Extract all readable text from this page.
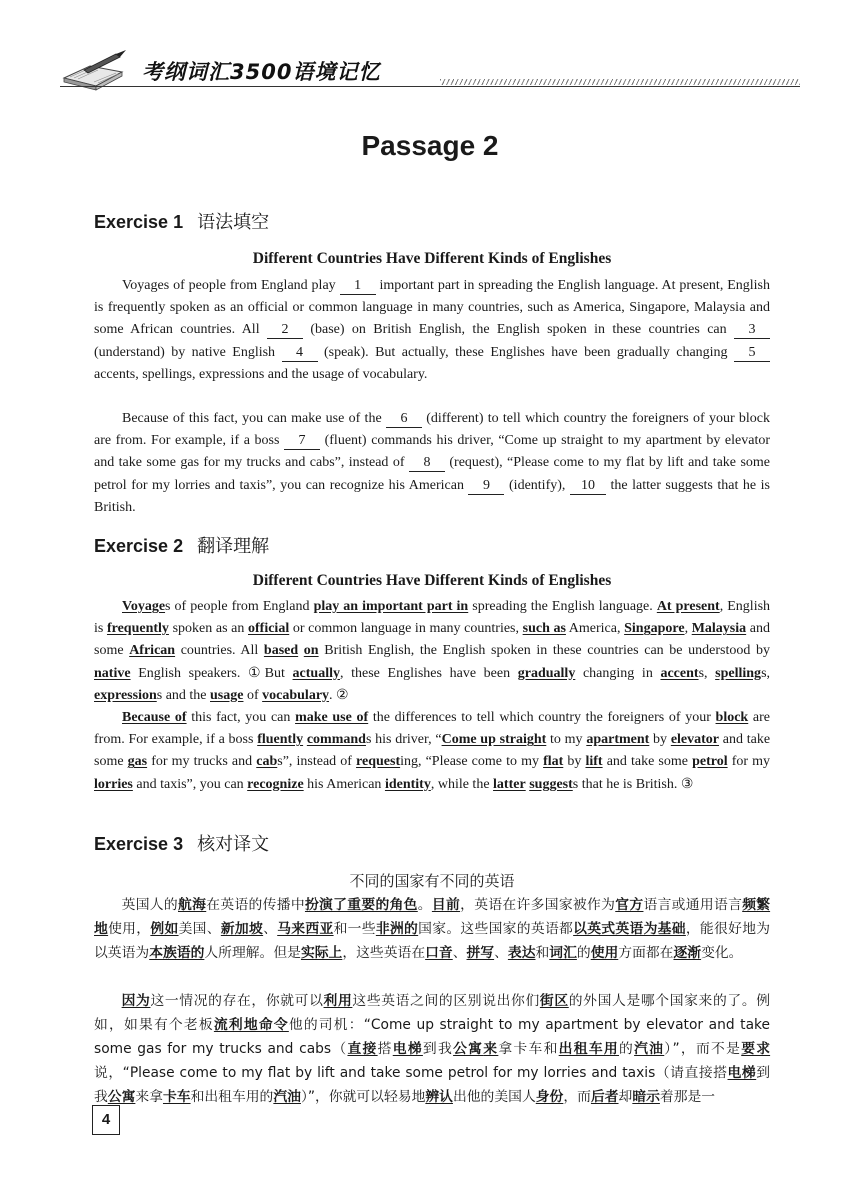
考纲词汇3500语境记忆
Passage 2
Exercise 1 语法填空
Different Countries Have Different Kinds of Englishes

Voyages of people from England play 1 important part in spreading the English language. At present, English is frequently spoken as an official or common language in many countries, such as America, Singapore, Malaysia and some African countries. All 2 (base) on British English, the English spoken in these countries can 3 (understand) by native English 4 (speak). But actually, these Englishes have been gradually changing 5 accents, spellings, expressions and the usage of vocabulary.

Because of this fact, you can make use of the 6 (different) to tell which country the foreigners of your block are from. For example, if a boss 7 (fluent) commands his driver, “Come up straight to my apartment by elevator and take some gas for my trucks and cabs”, instead of 8 (request), “Please come to my flat by lift and take some petrol for my lorries and taxis”, you can recognize his American 9 (identify), 10 the latter suggests that he is British.

Exercise 2 翻译理解
Different Countries Have Different Kinds of Englishes

Voyages of people from England play an important part in spreading the English language. At present, English is frequently spoken as an official or common language in many countries, such as America, Singapore, Malaysia and some African countries. All based on British English, the English spoken in these countries can be understood by native English speakers. ①But actually, these Englishes have been gradually changing in accents, spellings, expressions and the usage of vocabulary. ②

Because of this fact, you can make use of the differences to tell which country the foreigners of your block are from. For example, if a boss fluently commands his driver, “Come up straight to my apartment by elevator and take some gas for my trucks and cabs”, instead of requesting, “Please come to my flat by lift and take some petrol for my lorries and taxis”, you can recognize his American identity, while the latter suggests that he is British. ③

Exercise 3 核对译文
不同的国家有不同的英语

英国人的航海在英语的传播中扮演了重要的角色。目前，英语在许多国家被作为官方语言或通用语言频繁地使用，例如美国、新加坡、马来西亚和一些非洲的国家。这些国家的英语都以英式英语为基础，能很好地为以英语为本族语的人所理解。但是实际上，这些英语在口音、拼写、表达和词汇的使用方面都在逐渐变化。

因为这一情况的存在，你就可以利用这些英语之间的区别说出你们街区的外国人是哪个国家来的了。例如，如果有个老板流利地命令他的司机：“Come up straight to my apartment by elevator and take some gas for my trucks and cabs（直接搭电梯到我公寓来拿卡车和出租车用的汽油）”，而不是要求说，“Please come to my flat by lift and take some petrol for my lorries and taxis（请直接搭电梯到我公寓来拿卡车和出租车用的汽油）”，你就可以轻易地辨认出他的美国人身份，而后者却暗示着那是一

4
